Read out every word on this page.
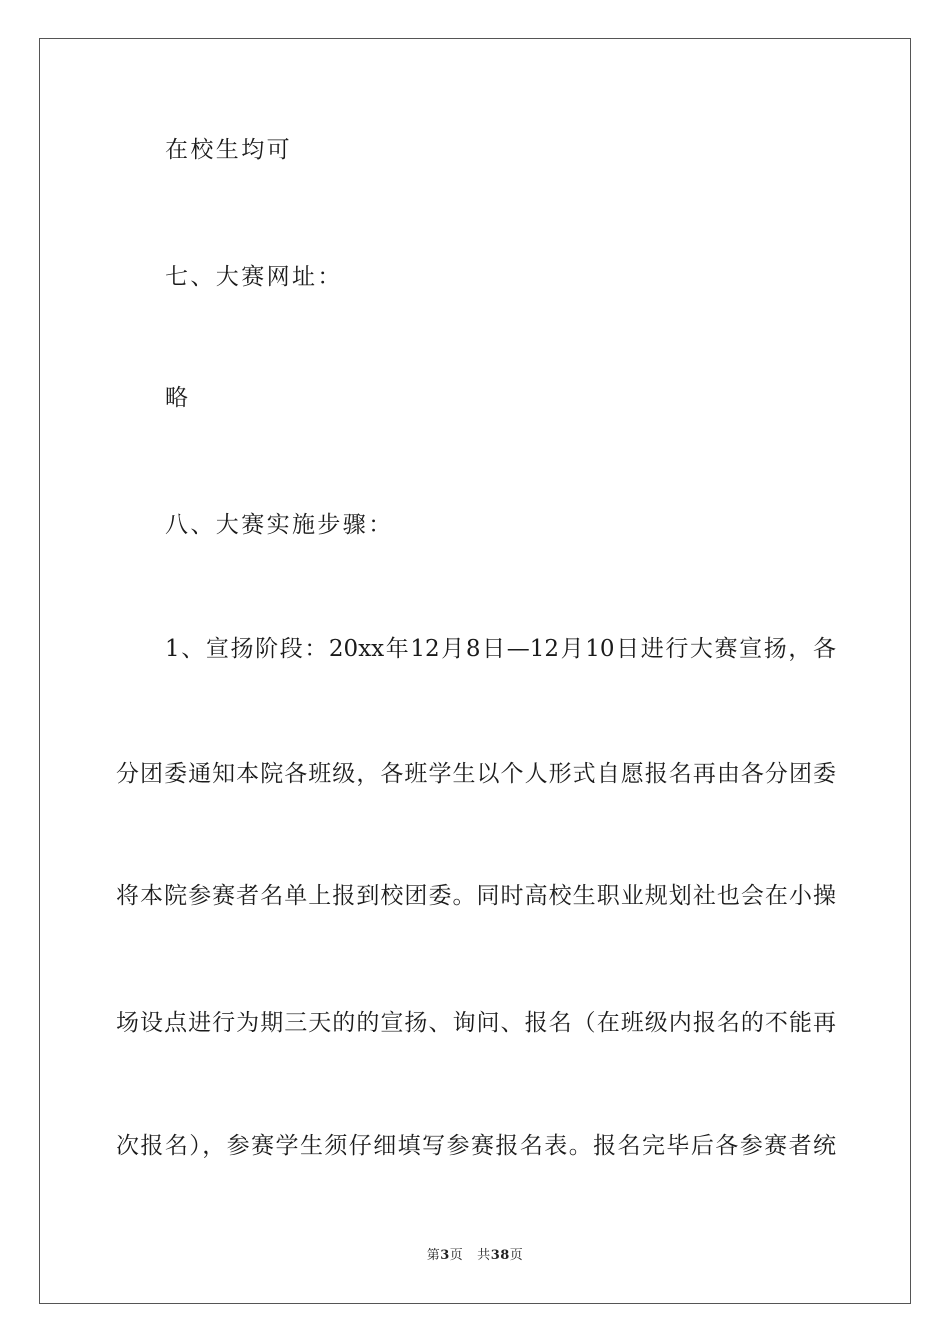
在校生均可
七、大赛网址：
略
八、大赛实施步骤：
1、宣扬阶段：20xx年12月8日—12月10日进行大赛宣扬，各
分团委通知本院各班级，各班学生以个人形式自愿报名再由各分团委
将本院参赛者名单上报到校团委。同时高校生职业规划社也会在小操
场设点进行为期三天的的宣扬、询问、报名（在班级内报名的不能再
次报名），参赛学生须仔细填写参赛报名表。报名完毕后各参赛者统
第3页 共38页
